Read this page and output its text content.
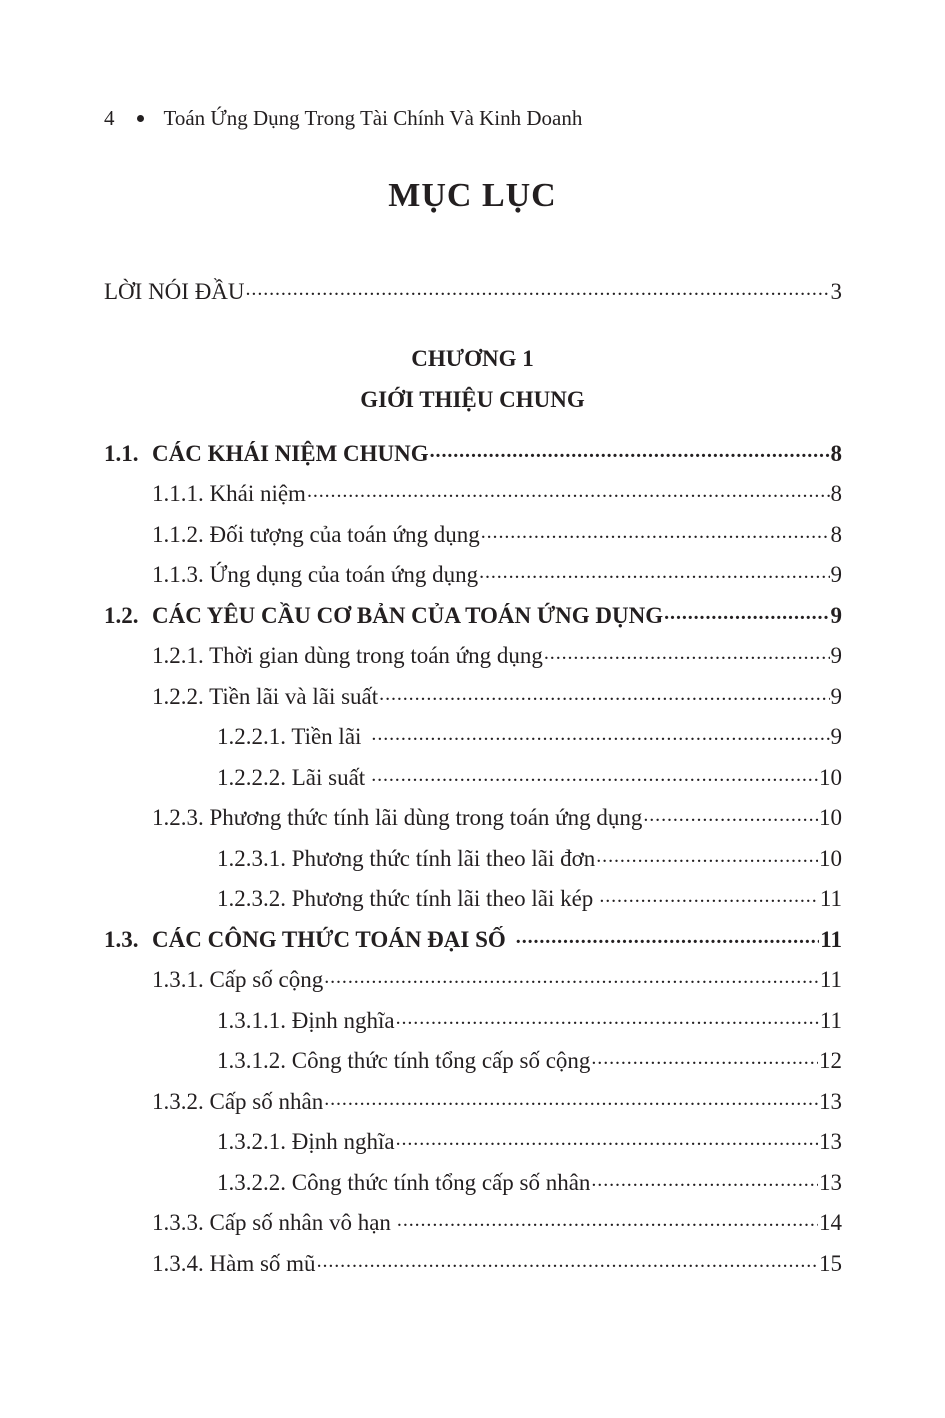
4 Toán Ứng Dụng Trong Tài Chính Và Kinh Doanh
MỤC LỤC
LỜI NÓI ĐẦU .....	3
CHƯƠNG 1
GIỚI THIỆU CHUNG
1.1. CÁC KHÁI NIỆM CHUNG .....	8
1.1.1. Khái niệm .....	8
1.1.2. Đối tượng của toán ứng dụng .....	8
1.1.3. Ứng dụng của toán ứng dụng .....	9
1.2. CÁC YÊU CẦU CƠ BẢN CỦA TOÁN ỨNG DỤNG .....	9
1.2.1. Thời gian dùng trong toán ứng dụng .....	9
1.2.2. Tiền lãi và lãi suất .....	9
1.2.2.1. Tiền lãi .....	9
1.2.2.2. Lãi suất .....	10
1.2.3. Phương thức tính lãi dùng trong toán ứng dụng .....	10
1.2.3.1. Phương thức tính lãi theo lãi đơn .....	10
1.2.3.2. Phương thức tính lãi theo lãi kép .....	11
1.3. CÁC CÔNG THỨC TOÁN ĐẠI SỐ .....	11
1.3.1. Cấp số cộng .....	11
1.3.1.1. Định nghĩa .....	11
1.3.1.2. Công thức tính tổng cấp số cộng .....	12
1.3.2. Cấp số nhân .....	13
1.3.2.1. Định nghĩa .....	13
1.3.2.2. Công thức tính tổng cấp số nhân .....	13
1.3.3. Cấp số nhân vô hạn .....	14
1.3.4. Hàm số mũ .....	15
